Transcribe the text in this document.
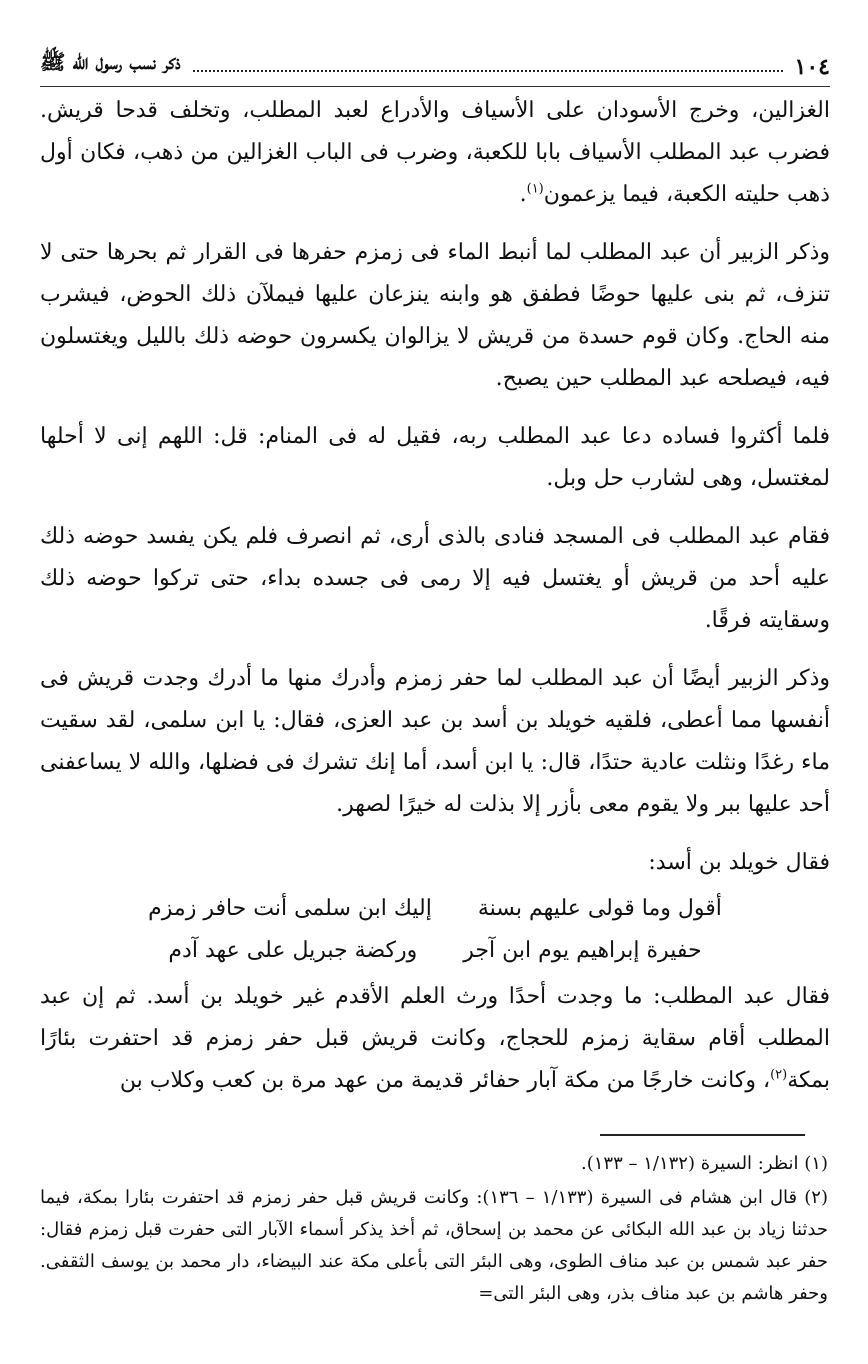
١٠٤
ذكر نسب رسول الله ﷺ

الغزالين، وخرج الأسودان على الأسياف والأدراع لعبد المطلب، وتخلف قدحا قريش. فضرب عبد المطلب الأسياف بابا للكعبة، وضرب فى الباب الغزالين من ذهب، فكان أول ذهب حليته الكعبة، فيما يزعمون$^{(١)}$.

وذكر الزبير أن عبد المطلب لما أنبط الماء فى زمزم حفرها فى القرار ثم بحرها حتى لا تنزف، ثم بنى عليها حوضًا فطفق هو وابنه ينزعان عليها فيملآن ذلك الحوض، فيشرب منه الحاج. وكان قوم حسدة من قريش لا يزالوان يكسرون حوضه ذلك بالليل ويغتسلون فيه، فيصلحه عبد المطلب حين يصبح.

فلما أكثروا فساده دعا عبد المطلب ربه، فقيل له فى المنام: قل: اللهم إنى لا أحلها لمغتسل، وهى لشارب حل وبل.

فقام عبد المطلب فى المسجد فنادى بالذى أرى، ثم انصرف فلم يكن يفسد حوضه ذلك عليه أحد من قريش أو يغتسل فيه إلا رمى فى جسده بداء، حتى تركوا حوضه ذلك وسقايته فرقًا.

وذكر الزبير أيضًا أن عبد المطلب لما حفر زمزم وأدرك منها ما أدرك وجدت قريش فى أنفسها مما أعطى، فلقيه خويلد بن أسد بن عبد العزى، فقال: يا ابن سلمى، لقد سقيت ماء رغدًا ونثلت عادية حتدًا، قال: يا ابن أسد، أما إنك تشرك فى فضلها، والله لا يساعفنى أحد عليها ببر ولا يقوم معى بأزر إلا بذلت له خيرًا لصهر.

فقال خويلد بن أسد:

أقول وما قولى عليهم بسنة
إليك ابن سلمى أنت حافر زمزم
حفيرة إبراهيم يوم ابن آجر
وركضة جبريل على عهد آدم

فقال عبد المطلب: ما وجدت أحدًا ورث العلم الأقدم غير خويلد بن أسد. ثم إن عبد المطلب أقام سقاية زمزم للحجاج، وكانت قريش قبل حفر زمزم قد احتفرت بئارًا بمكة$^{(٢)}$، وكانت خارجًا من مكة آبار حفائر قديمة من عهد مرة بن كعب وكلاب بن

(١) انظر: السيرة (١/١٣٢ – ١٣٣).

(٢) قال ابن هشام فى السيرة (١/١٣٣ – ١٣٦): وكانت قريش قبل حفر زمزم قد احتفرت بئارا بمكة، فيما حدثنا زياد بن عبد الله البكائى عن محمد بن إسحاق، ثم أخذ يذكر أسماء الآبار التى حفرت قبل زمزم فقال: حفر عبد شمس بن عبد مناف الطوى، وهى البئر التى بأعلى مكة عند البيضاء، دار محمد بن يوسف الثقفى. وحفر هاشم بن عبد مناف بذر، وهى البئر التى=
